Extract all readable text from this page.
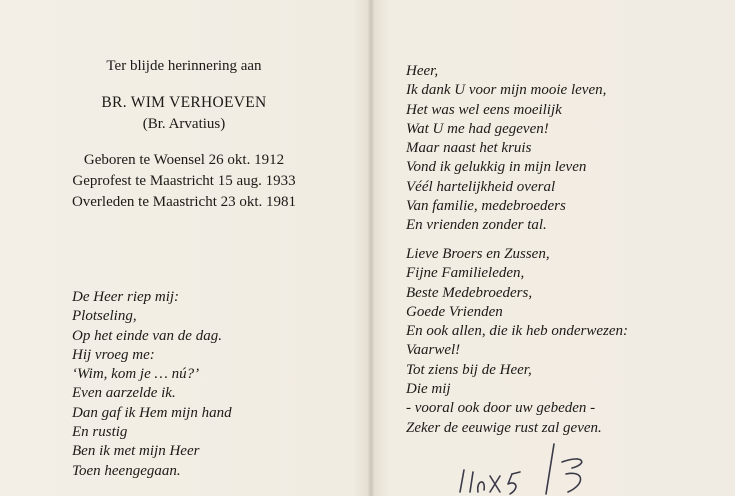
Ter blijde herinnering aan
BR. WIM VERHOEVEN
(Br. Arvatius)
Geboren te Woensel 26 okt. 1912
Geprofest te Maastricht 15 aug. 1933
Overleden te Maastricht 23 okt. 1981
De Heer riep mij:
Plotseling,
Op het einde van de dag.
Hij vroeg me:
‘Wim, kom je … nú?’
Even aarzelde ik.
Dan gaf ik Hem mijn hand
En rustig
Ben ik met mijn Heer
Toen heengegaan.
Heer,
Ik dank U voor mijn mooie leven,
Het was wel eens moeilijk
Wat U me had gegeven!
Maar naast het kruis
Vond ik gelukkig in mijn leven
Véél hartelijkheid overal
Van familie, medebroeders
En vrienden zonder tal.
Lieve Broers en Zussen,
Fijne Familieleden,
Beste Medebroeders,
Goede Vrienden
En ook allen, die ik heb onderwezen:
Vaarwel!
Tot ziens bij de Heer,
Die mij
- vooral ook door uw gebeden -
Zeker de eeuwige rust zal geven.
